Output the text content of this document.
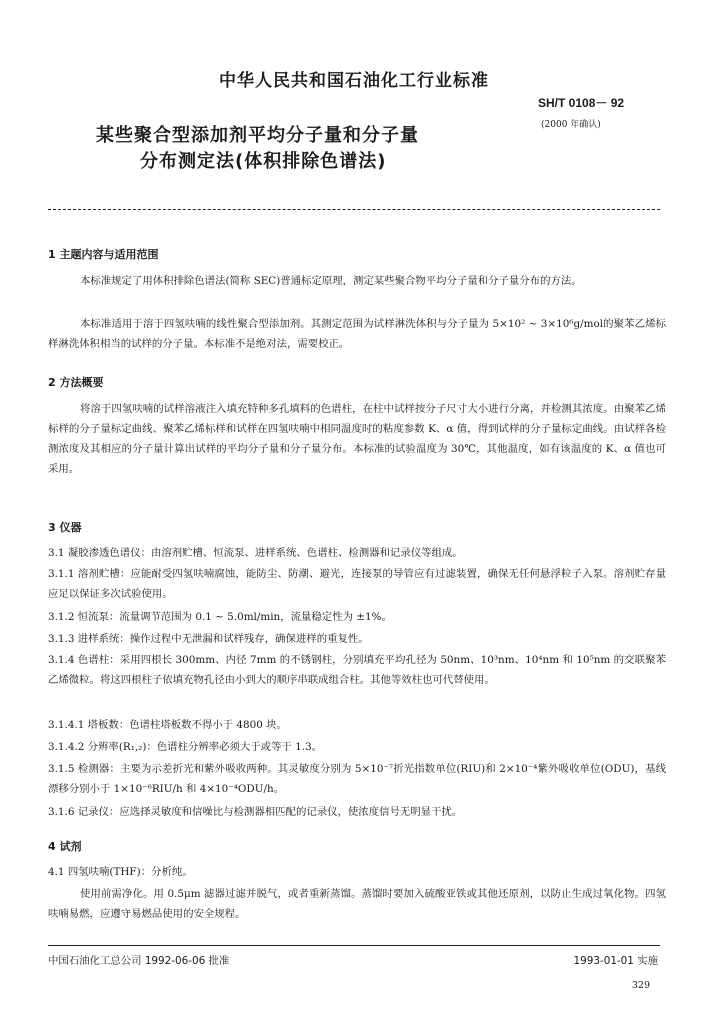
中华人民共和国石油化工行业标准
SH/T 0108－ 92
(2000 年确认)
某些聚合型添加剂平均分子量和分子量
分布测定法(体积排除色谱法)
1 主题内容与适用范围
本标准规定了用体积排除色谱法(简称 SEC)普通标定原理，测定某些聚合物平均分子量和分子量分布的方法。
本标准适用于溶于四氢呋喃的线性聚合型添加剂。其测定范围为试样淋洗体积与分子量为 5×10² ~ 3×10⁶g/mol的聚苯乙烯标样淋洗体积相当的试样的分子量。本标准不是绝对法，需要校正。
2 方法概要
将溶于四氢呋喃的试样溶液注入填充特种多孔填料的色谱柱，在柱中试样按分子尺寸大小进行分离，并检测其浓度。由聚苯乙烯标样的分子量标定曲线、聚苯乙烯标样和试样在四氢呋喃中相同温度时的粘度参数 K、α 值，得到试样的分子量标定曲线。由试样各检测浓度及其相应的分子量计算出试样的平均分子量和分子量分布。本标准的试验温度为 30℃，其他温度，如有该温度的 K、α 值也可采用。
3 仪器
3.1 凝胶渗透色谱仪：由溶剂贮槽、恒流泵、进样系统、色谱柱、检测器和记录仪等组成。
3.1.1 溶剂贮槽：应能耐受四氢呋喃腐蚀，能防尘、防潮、避光，连接泵的导管应有过滤装置，确保无任何悬浮粒子入泵。溶剂贮存量应足以保证多次试验使用。
3.1.2 恒流泵：流量调节范围为 0.1 ~ 5.0ml/min，流量稳定性为 ±1%。
3.1.3 进样系统：操作过程中无泄漏和试样残存，确保进样的重复性。
3.1.4 色谱柱：采用四根长 300mm、内径 7mm 的不锈钢柱，分别填充平均孔径为 50nm、10³nm、10⁴nm 和 10⁵nm 的交联聚苯乙烯微粒。将这四根柱子依填充物孔径由小到大的顺序串联成组合柱。其他等效柱也可代替使用。
3.1.4.1 塔板数：色谱柱塔板数不得小于 4800 块。
3.1.4.2 分辨率(R₁,₂)：色谱柱分辨率必须大于或等于 1.3。
3.1.5 检测器：主要为示差折光和紫外吸收两种。其灵敏度分别为 5×10⁻⁷折光指数单位(RIU)和 2×10⁻⁴紫外吸收单位(ODU)，基线漂移分别小于 1×10⁻⁶RIU/h 和 4×10⁻⁴ODU/h。
3.1.6 记录仪：应选择灵敏度和信噪比与检测器相匹配的记录仪，使浓度信号无明显干扰。
4 试剂
4.1 四氢呋喃(THF)：分析纯。
使用前需净化。用 0.5μm 滤器过滤并脱气，或者重新蒸馏。蒸馏时要加入硫酸亚铁或其他还原剂，以防止生成过氧化物。四氢呋喃易燃，应遵守易燃品使用的安全规程。
中国石油化工总公司 1992-06-06 批准	1993-01-01 实施
329
